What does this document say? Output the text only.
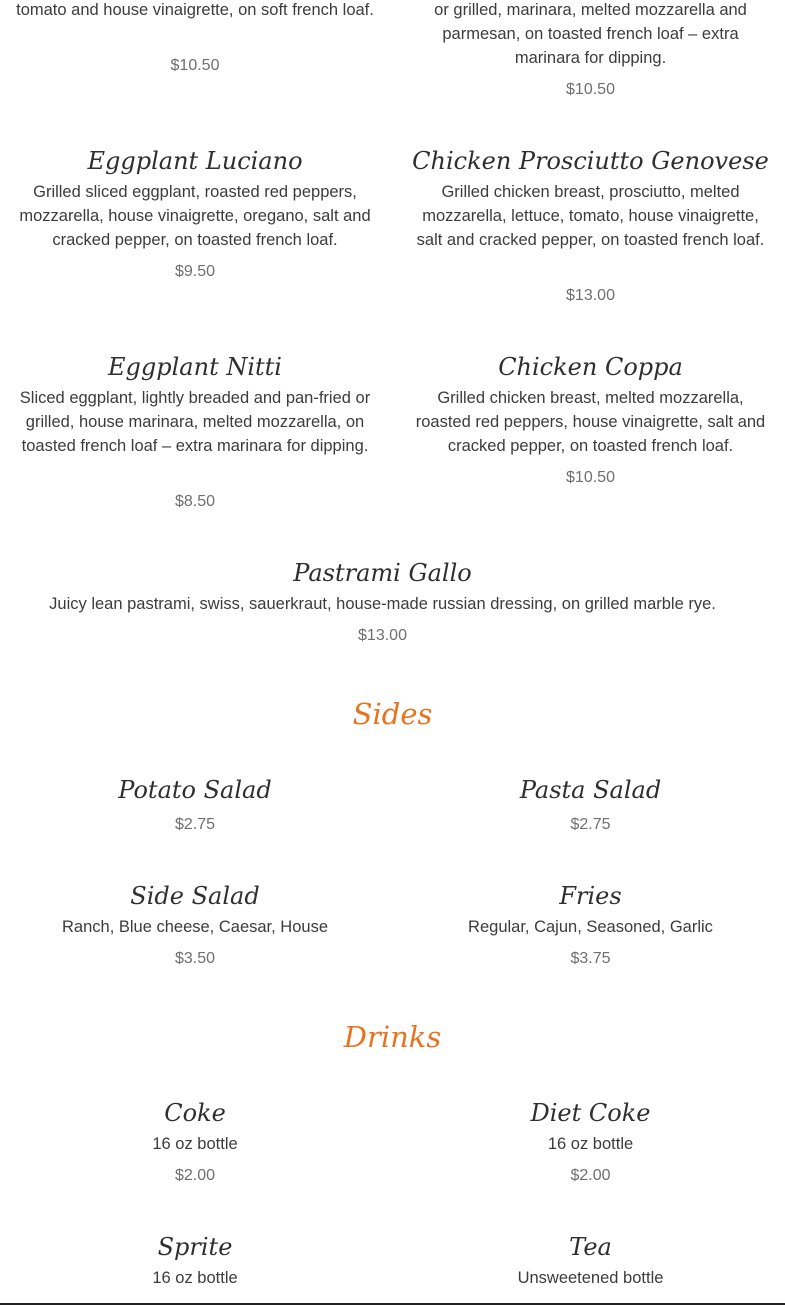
tomato and house vinaigrette, on soft french loaf.
$10.50
or grilled, marinara, melted mozzarella and parmesan, on toasted french loaf – extra marinara for dipping.
$10.50
Eggplant Luciano
Grilled sliced eggplant, roasted red peppers, mozzarella, house vinaigrette, oregano, salt and cracked pepper, on toasted french loaf.
$9.50
Chicken Prosciutto Genovese
Grilled chicken breast, prosciutto, melted mozzarella, lettuce, tomato, house vinaigrette, salt and cracked pepper, on toasted french loaf.
$13.00
Eggplant Nitti
Sliced eggplant, lightly breaded and pan-fried or grilled, house marinara, melted mozzarella, on toasted french loaf – extra marinara for dipping.
$8.50
Chicken Coppa
Grilled chicken breast, melted mozzarella, roasted red peppers, house vinaigrette, salt and cracked pepper, on toasted french loaf.
$10.50
Pastrami Gallo
Juicy lean pastrami, swiss, sauerkraut, house-made russian dressing, on grilled marble rye.
$13.00
Sides
Potato Salad
$2.75
Pasta Salad
$2.75
Side Salad
Ranch, Blue cheese, Caesar, House
$3.50
Fries
Regular, Cajun, Seasoned, Garlic
$3.75
Drinks
Coke
16 oz bottle
$2.00
Diet Coke
16 oz bottle
$2.00
Sprite
16 oz bottle
Tea
Unsweetened bottle
